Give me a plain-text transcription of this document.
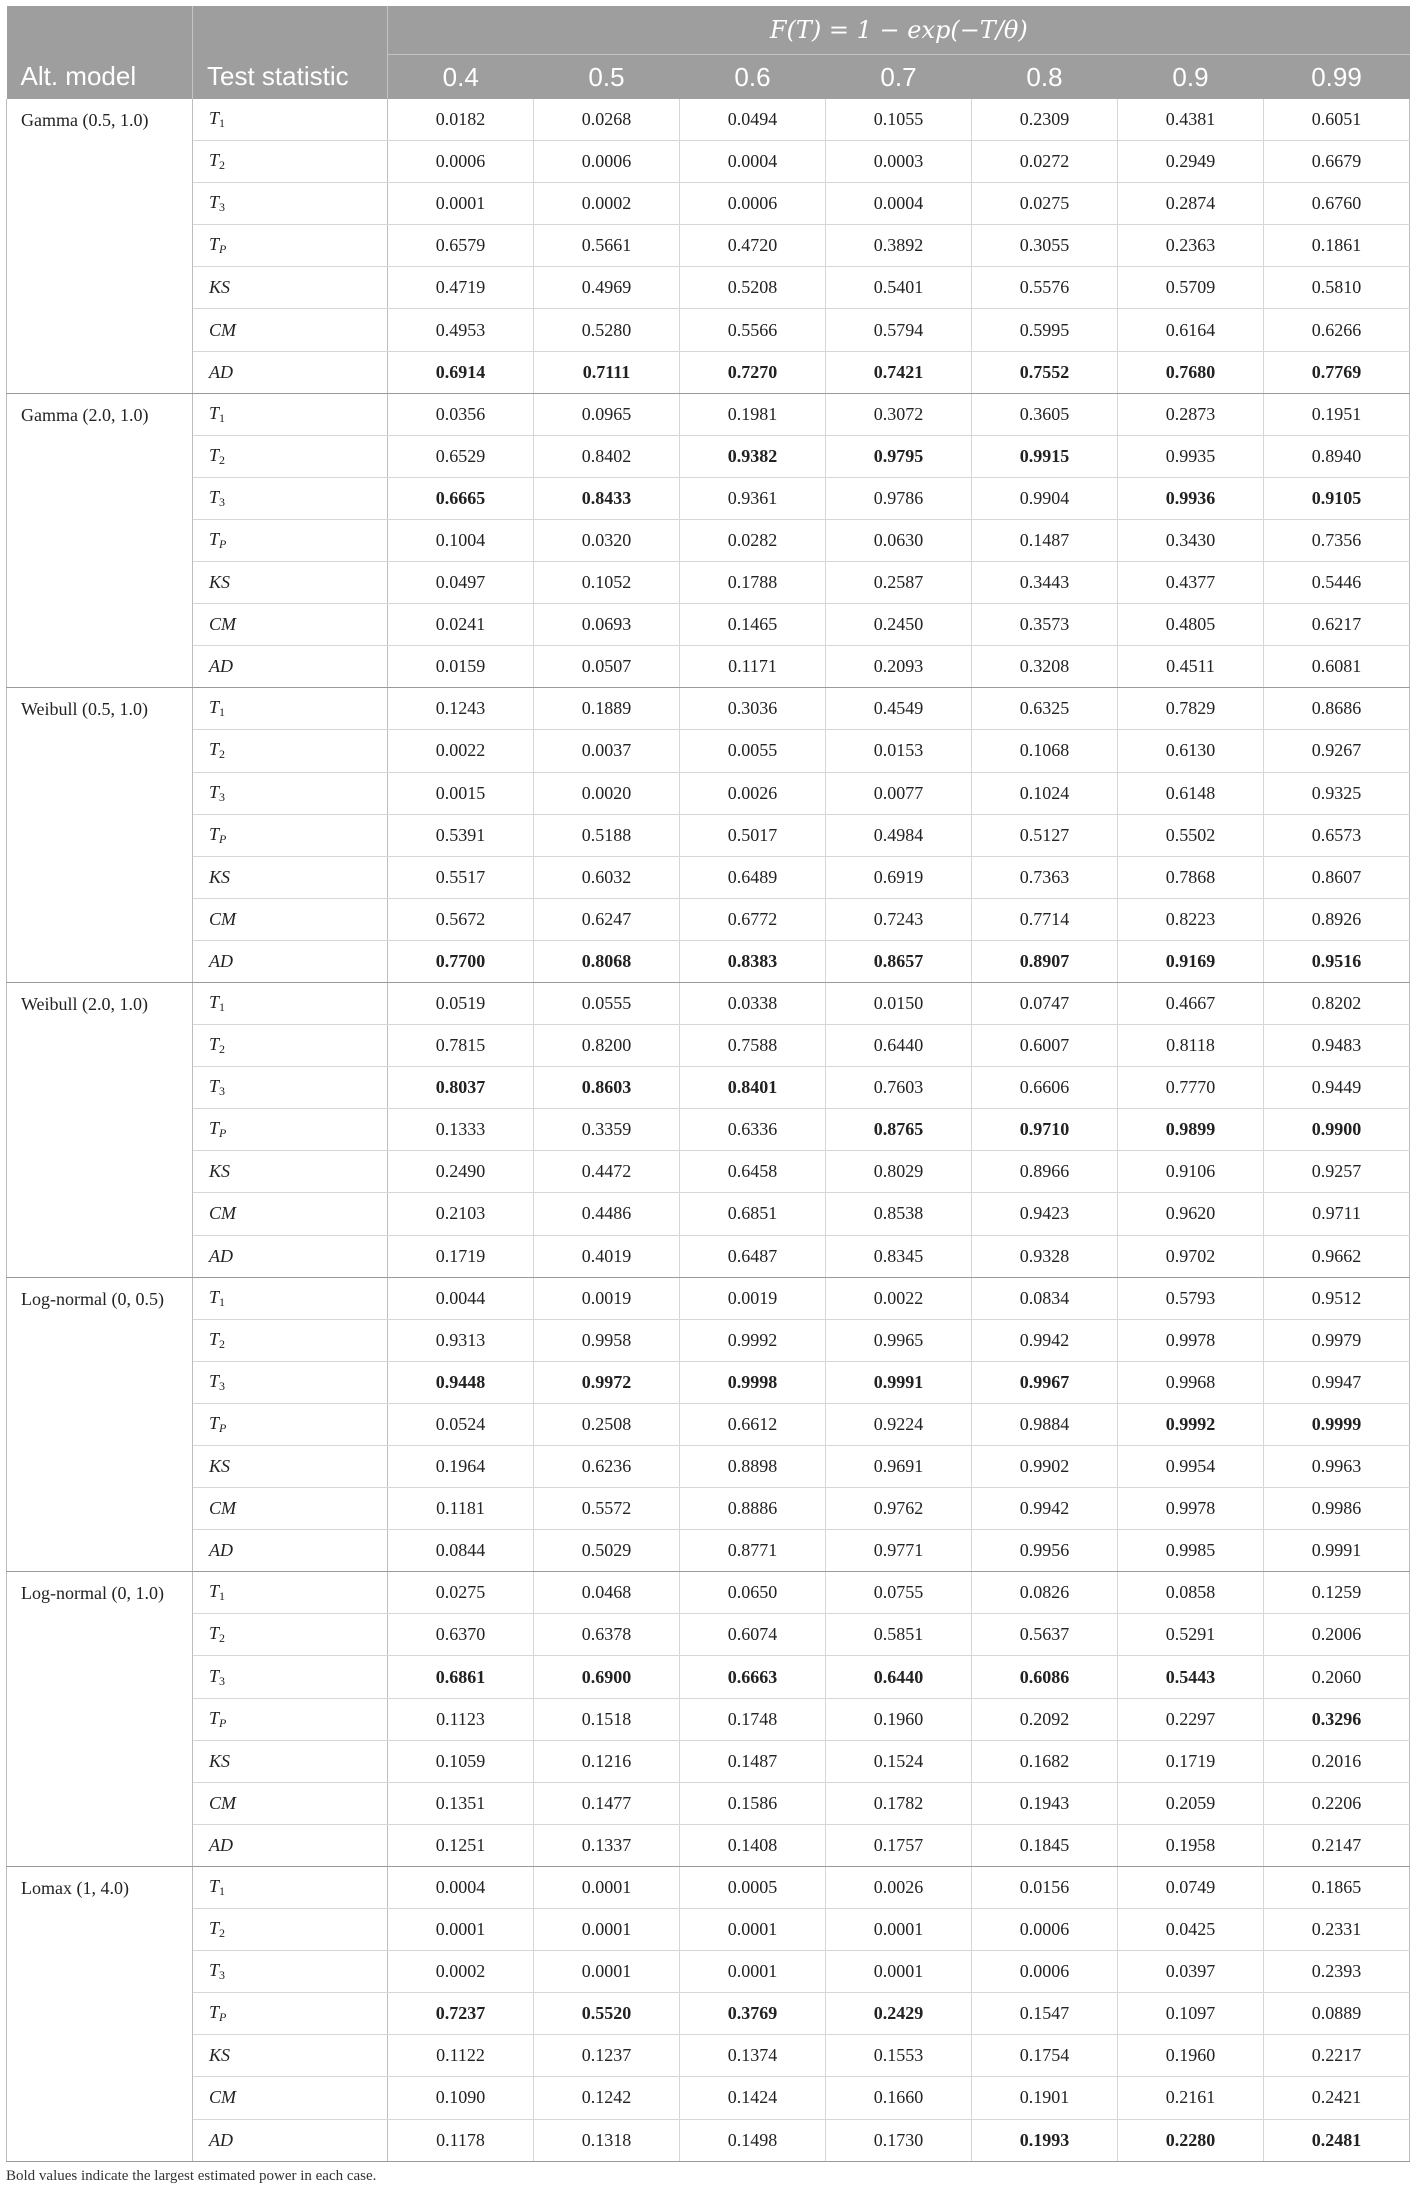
		F(T) = 1 − exp(−T/θ)						
Alt. model	Test statistic	0.4	0.5	0.6	0.7	0.8	0.9	0.99
Gamma (0.5, 1.0)	$T_1$	0.0182	0.0268	0.0494	0.1055	0.2309	0.4381	0.6051
	$T_2$	0.0006	0.0006	0.0004	0.0003	0.0272	0.2949	0.6679
	$T_3$	0.0001	0.0002	0.0006	0.0004	0.0275	0.2874	0.6760
	$T_P$	0.6579	0.5661	0.4720	0.3892	0.3055	0.2363	0.1861
	KS	0.4719	0.4969	0.5208	0.5401	0.5576	0.5709	0.5810
	CM	0.4953	0.5280	0.5566	0.5794	0.5995	0.6164	0.6266
	AD	0.6914	0.7111	0.7270	0.7421	0.7552	0.7680	0.7769
Gamma (2.0, 1.0)	$T_1$	0.0356	0.0965	0.1981	0.3072	0.3605	0.2873	0.1951
	$T_2$	0.6529	0.8402	0.9382	0.9795	0.9915	0.9935	0.8940
	$T_3$	0.6665	0.8433	0.9361	0.9786	0.9904	0.9936	0.9105
	$T_P$	0.1004	0.0320	0.0282	0.0630	0.1487	0.3430	0.7356
	KS	0.0497	0.1052	0.1788	0.2587	0.3443	0.4377	0.5446
	CM	0.0241	0.0693	0.1465	0.2450	0.3573	0.4805	0.6217
	AD	0.0159	0.0507	0.1171	0.2093	0.3208	0.4511	0.6081
Weibull (0.5, 1.0)	$T_1$	0.1243	0.1889	0.3036	0.4549	0.6325	0.7829	0.8686
	$T_2$	0.0022	0.0037	0.0055	0.0153	0.1068	0.6130	0.9267
	$T_3$	0.0015	0.0020	0.0026	0.0077	0.1024	0.6148	0.9325
	$T_P$	0.5391	0.5188	0.5017	0.4984	0.5127	0.5502	0.6573
	KS	0.5517	0.6032	0.6489	0.6919	0.7363	0.7868	0.8607
	CM	0.5672	0.6247	0.6772	0.7243	0.7714	0.8223	0.8926
	AD	0.7700	0.8068	0.8383	0.8657	0.8907	0.9169	0.9516
Weibull (2.0, 1.0)	$T_1$	0.0519	0.0555	0.0338	0.0150	0.0747	0.4667	0.8202
	$T_2$	0.7815	0.8200	0.7588	0.6440	0.6007	0.8118	0.9483
	$T_3$	0.8037	0.8603	0.8401	0.7603	0.6606	0.7770	0.9449
	$T_P$	0.1333	0.3359	0.6336	0.8765	0.9710	0.9899	0.9900
	KS	0.2490	0.4472	0.6458	0.8029	0.8966	0.9106	0.9257
	CM	0.2103	0.4486	0.6851	0.8538	0.9423	0.9620	0.9711
	AD	0.1719	0.4019	0.6487	0.8345	0.9328	0.9702	0.9662
Log-normal (0, 0.5)	$T_1$	0.0044	0.0019	0.0019	0.0022	0.0834	0.5793	0.9512
	$T_2$	0.9313	0.9958	0.9992	0.9965	0.9942	0.9978	0.9979
	$T_3$	0.9448	0.9972	0.9998	0.9991	0.9967	0.9968	0.9947
	$T_P$	0.0524	0.2508	0.6612	0.9224	0.9884	0.9992	0.9999
	KS	0.1964	0.6236	0.8898	0.9691	0.9902	0.9954	0.9963
	CM	0.1181	0.5572	0.8886	0.9762	0.9942	0.9978	0.9986
	AD	0.0844	0.5029	0.8771	0.9771	0.9956	0.9985	0.9991
Log-normal (0, 1.0)	$T_1$	0.0275	0.0468	0.0650	0.0755	0.0826	0.0858	0.1259
	$T_2$	0.6370	0.6378	0.6074	0.5851	0.5637	0.5291	0.2006
	$T_3$	0.6861	0.6900	0.6663	0.6440	0.6086	0.5443	0.2060
	$T_P$	0.1123	0.1518	0.1748	0.1960	0.2092	0.2297	0.3296
	KS	0.1059	0.1216	0.1487	0.1524	0.1682	0.1719	0.2016
	CM	0.1351	0.1477	0.1586	0.1782	0.1943	0.2059	0.2206
	AD	0.1251	0.1337	0.1408	0.1757	0.1845	0.1958	0.2147
Lomax (1, 4.0)	$T_1$	0.0004	0.0001	0.0005	0.0026	0.0156	0.0749	0.1865
	$T_2$	0.0001	0.0001	0.0001	0.0001	0.0006	0.0425	0.2331
	$T_3$	0.0002	0.0001	0.0001	0.0001	0.0006	0.0397	0.2393
	$T_P$	0.7237	0.5520	0.3769	0.2429	0.1547	0.1097	0.0889
	KS	0.1122	0.1237	0.1374	0.1553	0.1754	0.1960	0.2217
	CM	0.1090	0.1242	0.1424	0.1660	0.1901	0.2161	0.2421
	AD	0.1178	0.1318	0.1498	0.1730	0.1993	0.2280	0.2481
Bold values indicate the largest estimated power in each case.
